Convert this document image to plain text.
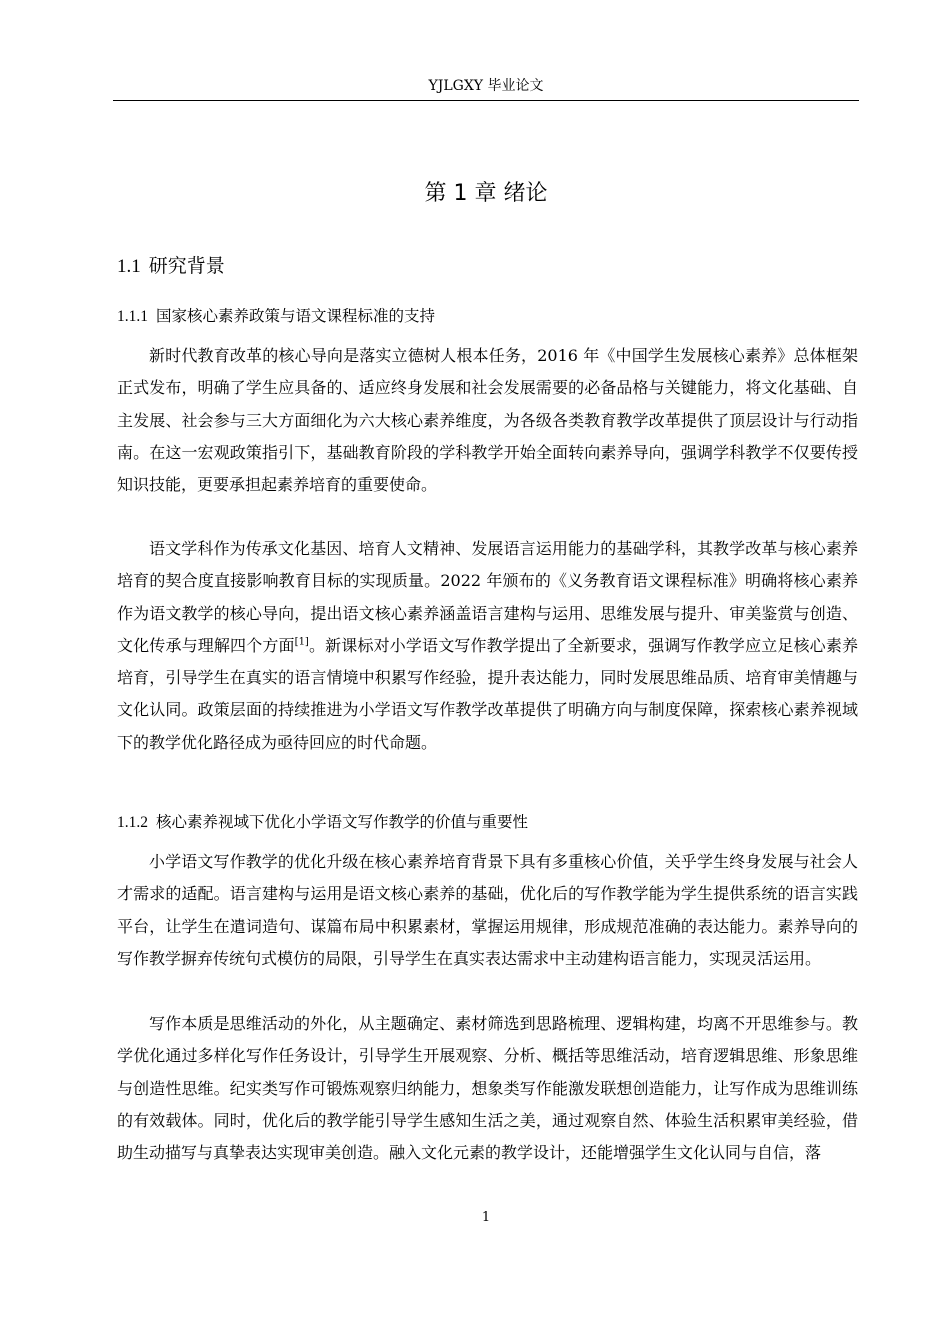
YJLGXY 毕业论文
第 1 章 绪论
1.1 研究背景
1.1.1 国家核心素养政策与语文课程标准的支持

新时代教育改革的核心导向是落实立德树人根本任务，2016 年《中国学生发展核心素养》总体框架正式发布，明确了学生应具备的、适应终身发展和社会发展需要的必备品格与关键能力，将文化基础、自主发展、社会参与三大方面细化为六大核心素养维度，为各级各类教育教学改革提供了顶层设计与行动指南。在这一宏观政策指引下，基础教育阶段的学科教学开始全面转向素养导向，强调学科教学不仅要传授知识技能，更要承担起素养培育的重要使命。

语文学科作为传承文化基因、培育人文精神、发展语言运用能力的基础学科，其教学改革与核心素养培育的契合度直接影响教育目标的实现质量。2022 年颁布的《义务教育语文课程标准》明确将核心素养作为语文教学的核心导向，提出语文核心素养涵盖语言建构与运用、思维发展与提升、审美鉴赏与创造、文化传承与理解四个方面[1]。新课标对小学语文写作教学提出了全新要求，强调写作教学应立足核心素养培育，引导学生在真实的语言情境中积累写作经验，提升表达能力，同时发展思维品质、培育审美情趣与文化认同。政策层面的持续推进为小学语文写作教学改革提供了明确方向与制度保障，探索核心素养视域下的教学优化路径成为亟待回应的时代命题。

1.1.2 核心素养视域下优化小学语文写作教学的价值与重要性

小学语文写作教学的优化升级在核心素养培育背景下具有多重核心价值，关乎学生终身发展与社会人才需求的适配。语言建构与运用是语文核心素养的基础，优化后的写作教学能为学生提供系统的语言实践平台，让学生在遣词造句、谋篇布局中积累素材，掌握运用规律，形成规范准确的表达能力。素养导向的写作教学摒弃传统句式模仿的局限，引导学生在真实表达需求中主动建构语言能力，实现灵活运用。

写作本质是思维活动的外化，从主题确定、素材筛选到思路梳理、逻辑构建，均离不开思维参与。教学优化通过多样化写作任务设计，引导学生开展观察、分析、概括等思维活动，培育逻辑思维、形象思维与创造性思维。纪实类写作可锻炼观察归纳能力，想象类写作能激发联想创造能力，让写作成为思维训练的有效载体。同时，优化后的教学能引导学生感知生活之美，通过观察自然、体验生活积累审美经验，借助生动描写与真挚表达实现审美创造。融入文化元素的教学设计，还能增强学生文化认同与自信，落

1
